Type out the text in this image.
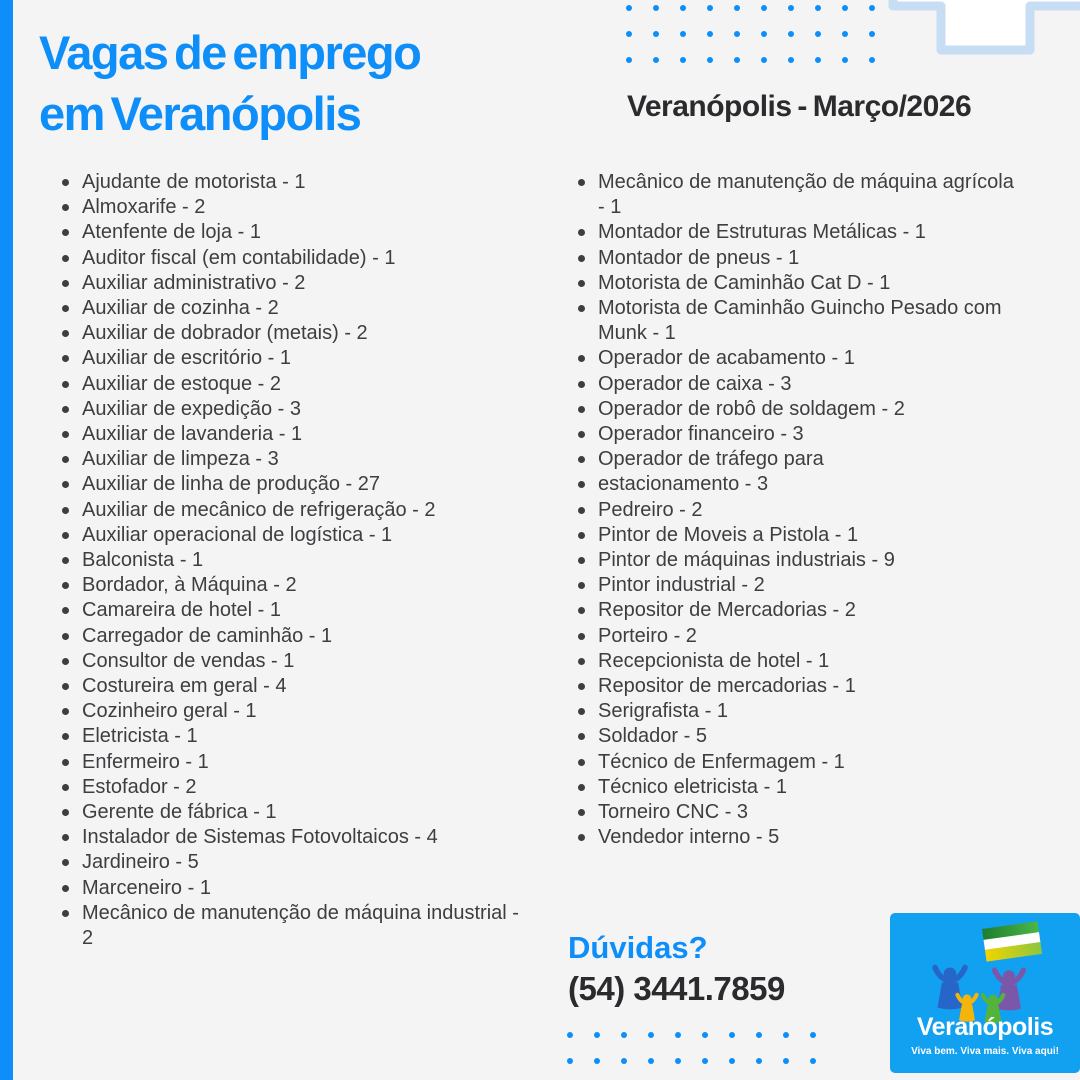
Vagas de emprego
em Veranópolis	Veranópolis - Março/2026
Ajudante de motorista - 1
Almoxarife - 2
Atenfente de loja - 1
Auditor fiscal (em contabilidade) - 1
Auxiliar administrativo - 2
Auxiliar de cozinha - 2
Auxiliar de dobrador (metais) - 2
Auxiliar de escritório - 1
Auxiliar de estoque - 2
Auxiliar de expedição - 3
Auxiliar de lavanderia - 1
Auxiliar de limpeza - 3
Auxiliar de linha de produção - 27
Auxiliar de mecânico de refrigeração - 2
Auxiliar operacional de logística - 1
Balconista - 1
Bordador, à Máquina - 2
Camareira de hotel - 1
Carregador de caminhão - 1
Consultor de vendas - 1
Costureira em geral - 4
Cozinheiro geral - 1
Eletricista - 1
Enfermeiro - 1
Estofador - 2
Gerente de fábrica - 1
Instalador de Sistemas Fotovoltaicos - 4
Jardineiro - 5
Marceneiro - 1
Mecânico de manutenção de máquina industrial - 2
Mecânico de manutenção de máquina agrícola - 1
Montador de Estruturas Metálicas - 1
Montador de pneus - 1
Motorista de Caminhão Cat D - 1
Motorista de Caminhão Guincho Pesado com Munk - 1
Operador de acabamento - 1
Operador de caixa - 3
Operador de robô de soldagem - 2
Operador financeiro - 3
Operador de tráfego para
estacionamento - 3
Pedreiro - 2
Pintor de Moveis a Pistola - 1
Pintor de máquinas industriais - 9
Pintor industrial - 2
Repositor de Mercadorias - 2
Porteiro - 2
Recepcionista de hotel - 1
Repositor de mercadorias - 1
Serigrafista - 1
Soldador - 5
Técnico de Enfermagem - 1
Técnico eletricista - 1
Torneiro CNC - 3
Vendedor interno - 5
Dúvidas?
(54) 3441.7859
Veranópolis
Viva bem. Viva mais. Viva aqui!
